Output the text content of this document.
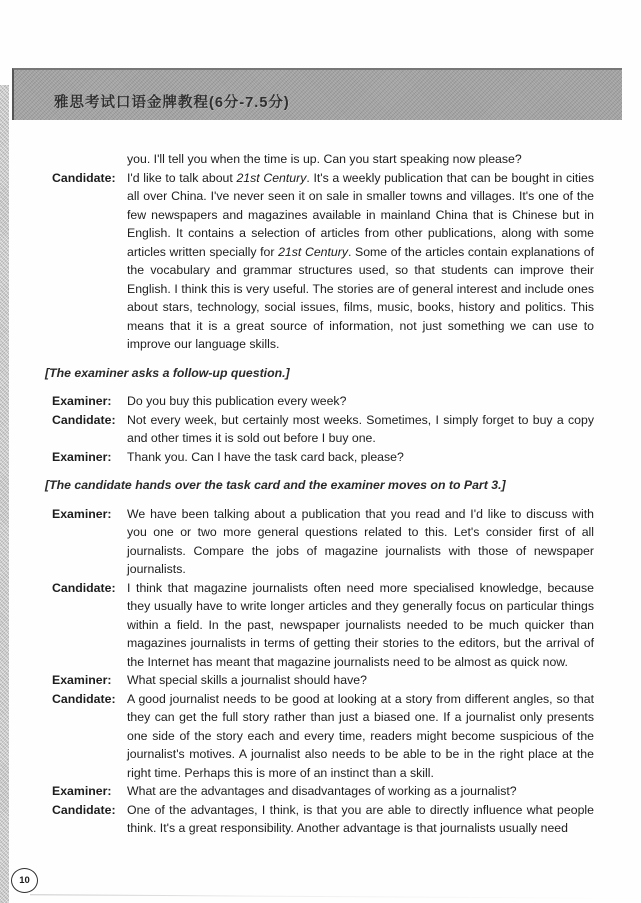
雅思考试口语金牌教程(6分-7.5分)
you. I'll tell you when the time is up. Can you start speaking now please?
Candidate: I'd like to talk about 21st Century. It's a weekly publication that can be bought in cities all over China. I've never seen it on sale in smaller towns and villages. It's one of the few newspapers and magazines available in mainland China that is Chinese but in English. It contains a selection of articles from other publications, along with some articles written specially for 21st Century. Some of the articles contain explanations of the vocabulary and grammar structures used, so that students can improve their English. I think this is very useful. The stories are of general interest and include ones about stars, technology, social issues, films, music, books, history and politics. This means that it is a great source of information, not just something we can use to improve our language skills.
[The examiner asks a follow-up question.]
Examiner:	Do you buy this publication every week?
Candidate: Not every week, but certainly most weeks. Sometimes, I simply forget to buy a copy and other times it is sold out before I buy one.
Examiner:	Thank you. Can I have the task card back, please?
[The candidate hands over the task card and the examiner moves on to Part 3.]
Examiner:	We have been talking about a publication that you read and I'd like to discuss with you one or two more general questions related to this. Let's consider first of all journalists. Compare the jobs of magazine journalists with those of newspaper journalists.
Candidate: I think that magazine journalists often need more specialised knowledge, because they usually have to write longer articles and they generally focus on particular things within a field. In the past, newspaper journalists needed to be much quicker than magazines journalists in terms of getting their stories to the editors, but the arrival of the Internet has meant that magazine journalists need to be almost as quick now.
Examiner:	What special skills a journalist should have?
Candidate: A good journalist needs to be good at looking at a story from different angles, so that they can get the full story rather than just a biased one. If a journalist only presents one side of the story each and every time, readers might become suspicious of the journalist's motives. A journalist also needs to be able to be in the right place at the right time. Perhaps this is more of an instinct than a skill.
Examiner:	What are the advantages and disadvantages of working as a journalist?
Candidate: One of the advantages, I think, is that you are able to directly influence what people think. It's a great responsibility. Another advantage is that journalists usually need
10
